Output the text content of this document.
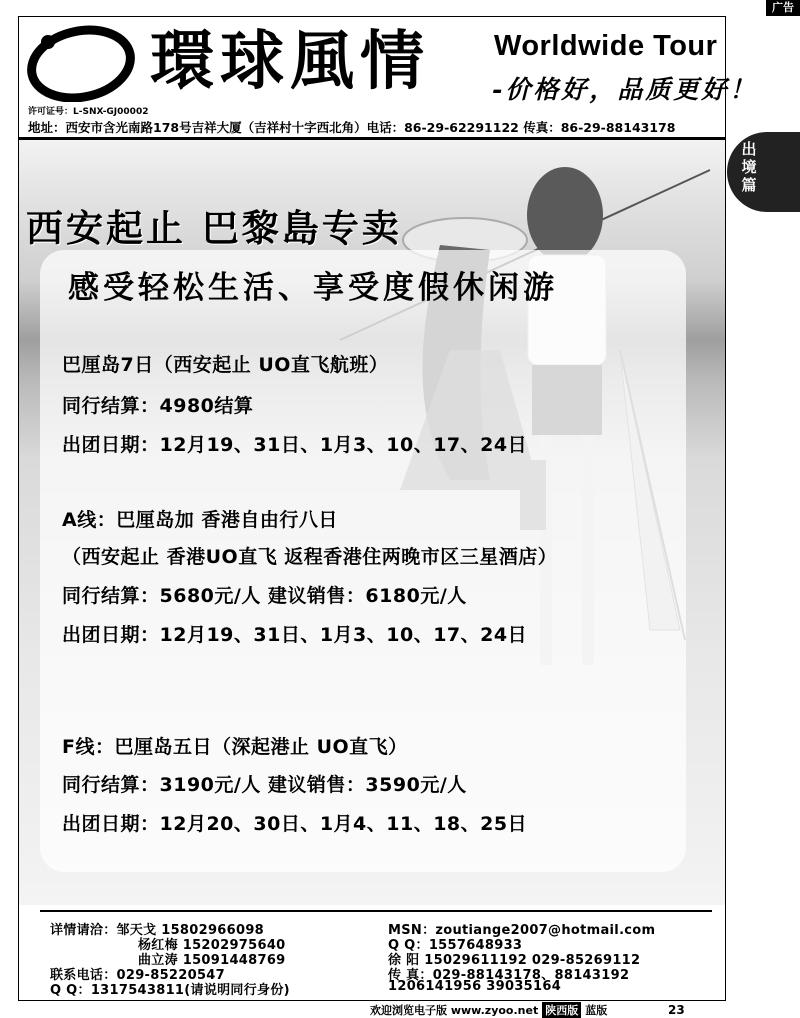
广告
環球風情 Worldwide Tour
-价格好，品质更好！
许可证号：L-SNX-GJ00002
地址：西安市含光南路178号吉祥大厦（吉祥村十字西北角）电话：86-29-62291122 传真：86-29-88143178
出境篇
西安起止 巴黎島专卖
感受轻松生活、享受度假休闲游
巴厘岛7日（西安起止 UO直飞航班）
同行结算：4980结算
出团日期：12月19、31日、1月3、10、17、24日
A线：巴厘岛加 香港自由行八日
（西安起止 香港UO直飞 返程香港住两晚市区三星酒店）
同行结算：5680元/人 建议销售：6180元/人
出团日期：12月19、31日、1月3、10、17、24日
F线：巴厘岛五日（深起港止 UO直飞）
同行结算：3190元/人 建议销售：3590元/人
出团日期：12月20、30日、1月4、11、18、25日
详情请洽：邹天戈 15802966098
杨红梅 15202975640
曲立涛 15091448769
联系电话：029-85220547
Q Q：1317543811(请说明同行身份)
MSN：zoutiange2007@hotmail.com
Q Q：1557648933
徐 阳 15029611192 029-85269112
传 真：029-88143178、88143192
1206141956 39035164
欢迎浏览电子版 www.zyoo.net 陕西版 蓝版	23
